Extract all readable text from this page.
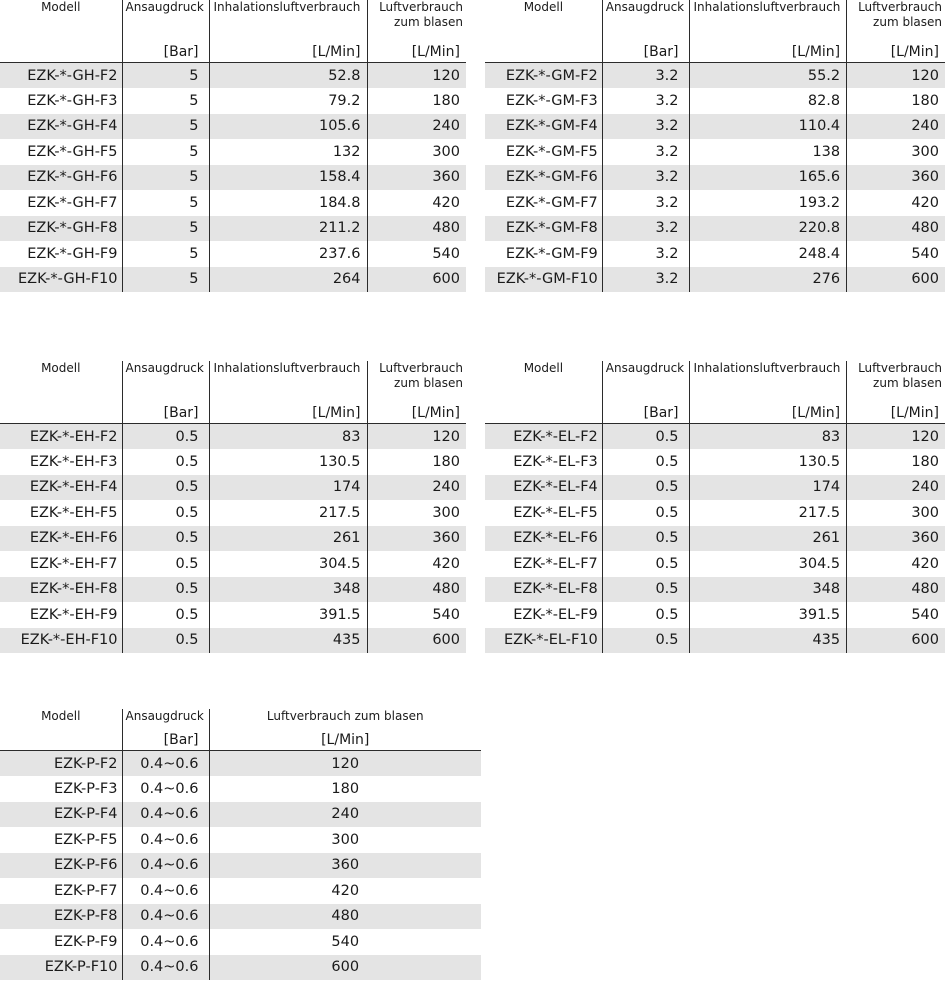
Modell	Ansaugdruck	Inhalationsluftverbrauch	Luftverbrauch zum blasen
	[Bar]	[L/Min]	[L/Min]
EZK-*-GH-F2	5	52.8	120
EZK-*-GH-F3	5	79.2	180
EZK-*-GH-F4	5	105.6	240
EZK-*-GH-F5	5	132	300
EZK-*-GH-F6	5	158.4	360
EZK-*-GH-F7	5	184.8	420
EZK-*-GH-F8	5	211.2	480
EZK-*-GH-F9	5	237.6	540
EZK-*-GH-F10	5	264	600
Modell	Ansaugdruck	Inhalationsluftverbrauch	Luftverbrauch zum blasen
	[Bar]	[L/Min]	[L/Min]
EZK-*-GM-F2	3.2	55.2	120
EZK-*-GM-F3	3.2	82.8	180
EZK-*-GM-F4	3.2	110.4	240
EZK-*-GM-F5	3.2	138	300
EZK-*-GM-F6	3.2	165.6	360
EZK-*-GM-F7	3.2	193.2	420
EZK-*-GM-F8	3.2	220.8	480
EZK-*-GM-F9	3.2	248.4	540
EZK-*-GM-F10	3.2	276	600
Modell	Ansaugdruck	Inhalationsluftverbrauch	Luftverbrauch zum blasen
	[Bar]	[L/Min]	[L/Min]
EZK-*-EH-F2	0.5	83	120
EZK-*-EH-F3	0.5	130.5	180
EZK-*-EH-F4	0.5	174	240
EZK-*-EH-F5	0.5	217.5	300
EZK-*-EH-F6	0.5	261	360
EZK-*-EH-F7	0.5	304.5	420
EZK-*-EH-F8	0.5	348	480
EZK-*-EH-F9	0.5	391.5	540
EZK-*-EH-F10	0.5	435	600
Modell	Ansaugdruck	Inhalationsluftverbrauch	Luftverbrauch zum blasen
	[Bar]	[L/Min]	[L/Min]
EZK-*-EL-F2	0.5	83	120
EZK-*-EL-F3	0.5	130.5	180
EZK-*-EL-F4	0.5	174	240
EZK-*-EL-F5	0.5	217.5	300
EZK-*-EL-F6	0.5	261	360
EZK-*-EL-F7	0.5	304.5	420
EZK-*-EL-F8	0.5	348	480
EZK-*-EL-F9	0.5	391.5	540
EZK-*-EL-F10	0.5	435	600
Modell	Ansaugdruck	Luftverbrauch zum blasen
	[Bar]	[L/Min]
EZK-P-F2	0.4~0.6	120
EZK-P-F3	0.4~0.6	180
EZK-P-F4	0.4~0.6	240
EZK-P-F5	0.4~0.6	300
EZK-P-F6	0.4~0.6	360
EZK-P-F7	0.4~0.6	420
EZK-P-F8	0.4~0.6	480
EZK-P-F9	0.4~0.6	540
EZK-P-F10	0.4~0.6	600
